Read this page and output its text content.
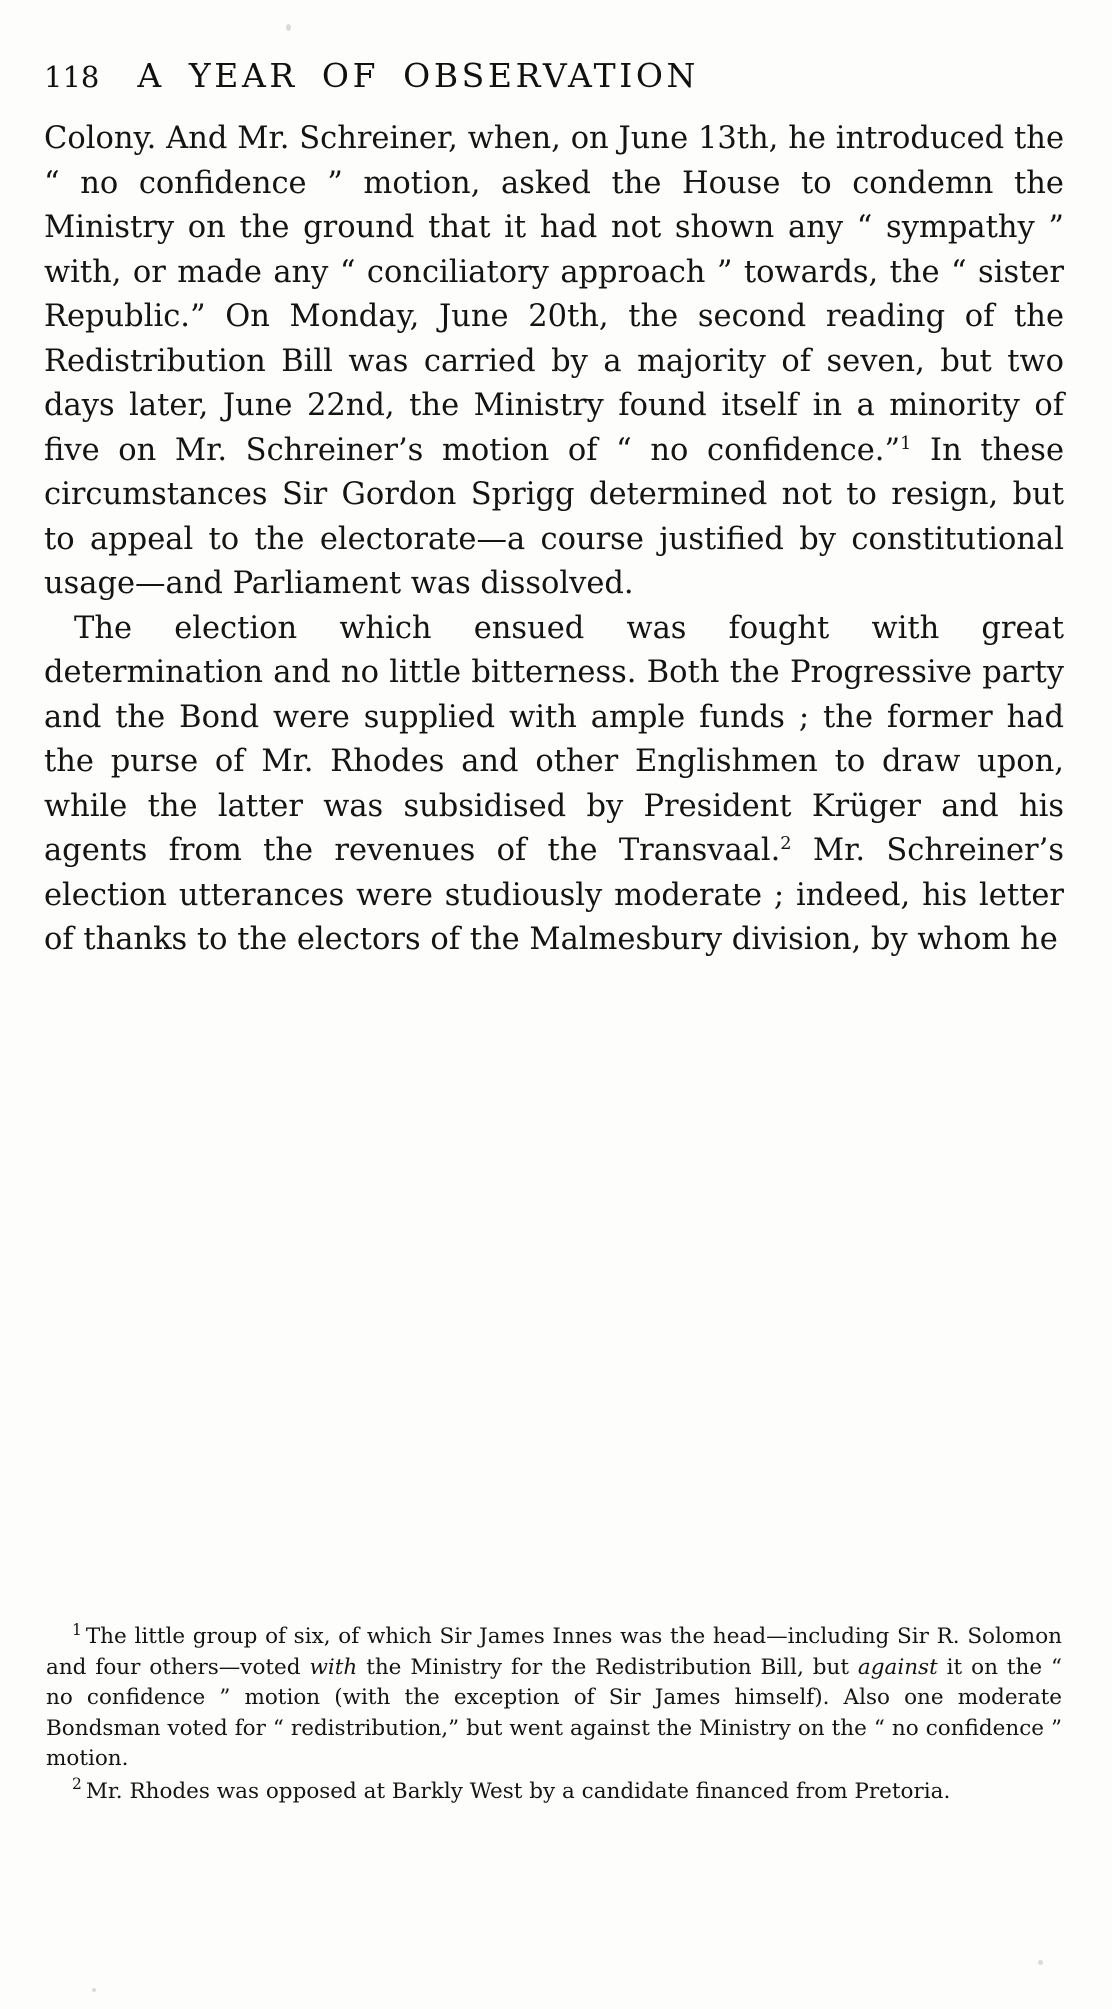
118 A YEAR OF OBSERVATION

Colony. And Mr. Schreiner, when, on June 13th, he introduced the “ no confidence ” motion, asked the House to condemn the Ministry on the ground that it had not shown any “ sympathy ” with, or made any “ conciliatory approach ” towards, the “ sister Republic.” On Monday, June 20th, the second reading of the Redistribution Bill was carried by a majority of seven, but two days later, June 22nd, the Ministry found itself in a minority of five on Mr. Schreiner’s motion of “ no confidence.”$^1$ In these circumstances Sir Gordon Sprigg determined not to resign, but to appeal to the electorate—a course justified by constitutional usage—and Parliament was dissolved.

The election which ensued was fought with great determination and no little bitterness. Both the Progressive party and the Bond were supplied with ample funds ; the former had the purse of Mr. Rhodes and other Englishmen to draw upon, while the latter was subsidised by President Krüger and his agents from the revenues of the Transvaal.$^2$ Mr. Schreiner’s election utterances were studiously moderate ; indeed, his letter of thanks to the electors of the Malmesbury division, by whom he

$^1$ The little group of six, of which Sir James Innes was the head—including Sir R. Solomon and four others—voted with the Ministry for the Redistribution Bill, but against it on the “ no confidence ” motion (with the exception of Sir James himself). Also one moderate Bondsman voted for “ redistribution,” but went against the Ministry on the “ no confidence ” motion.

$^2$ Mr. Rhodes was opposed at Barkly West by a candidate financed from Pretoria.
